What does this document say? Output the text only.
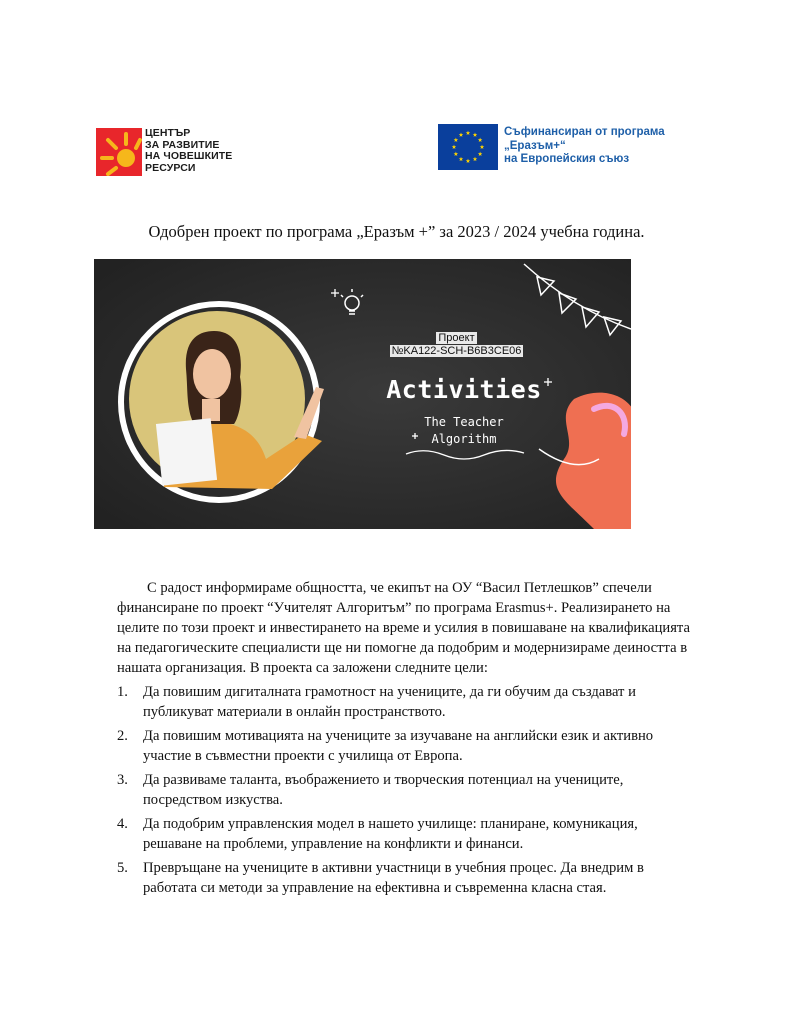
ЦЕНТЪР
ЗА РАЗВИТИЕ
НА ЧОВЕШКИТЕ
РЕСУРСИ
Съфинансиран от програма
„Еразъм+“
на Европейския съюз
Одобрен проект по програма „Еразъм +” за 2023 / 2024 учебна година.
Проект
№KA122-SCH-B6B3CE06
Activities
The Teacher
Algorithm

С радост информираме общността, че екипът на ОУ “Васил Петлешков” спечели финансиране по проект “Учителят Алгоритъм” по програма Erasmus+. Реализирането на целите по този проект и инвестирането на време и усилия в повишаване на квалификацията на педагогическите специалисти ще ни помогне да подобрим и модернизираме деиността в нашата организация. В проекта са заложени следните цели:

1. Да повишим дигиталната грамотност на учениците, да ги обучим да създават и публикуват материали в онлайн пространството.
2. Да повишим мотивацията на учениците за изучаване на английски език и активно участие в съвместни проекти с училища от Европа.
3. Да развиваме таланта, въображението и творческия потенциал на учениците, посредством изкуства.
4. Да подобрим управленския модел в нашето училище: планиране, комуникация, решаване на проблеми, управление на конфликти и финанси.
5. Превръщане на учениците в активни участници в учебния процес. Да внедрим в работата си методи за управление на ефективна и съвременна класна стая.
